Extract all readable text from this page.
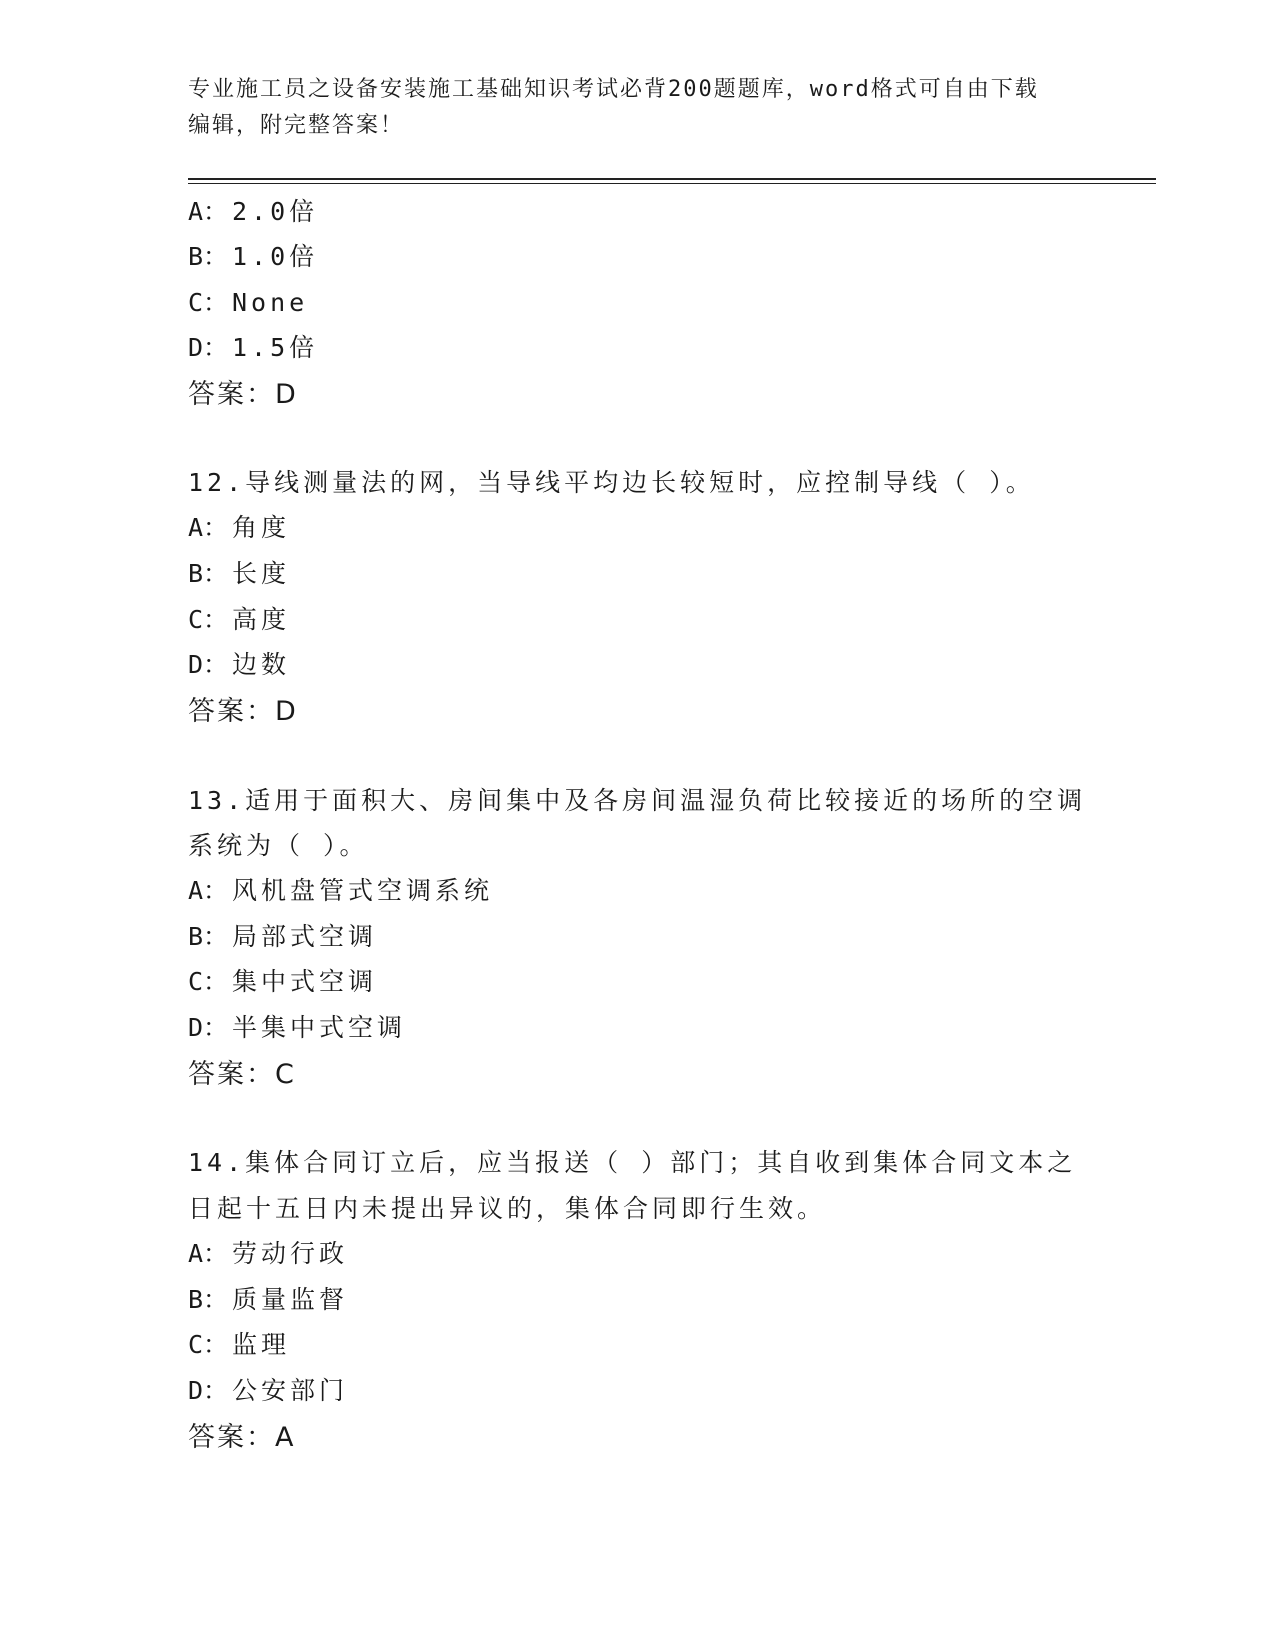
专业施工员之设备安装施工基础知识考试必背200题题库，word格式可自由下载
编辑，附完整答案！
A： 2.0倍
B： 1.0倍
C： None
D： 1.5倍
答案：D
12.导线测量法的网，当导线平均边长较短时，应控制导线（ ）。
A： 角度
B： 长度
C： 高度
D： 边数
答案：D
13.适用于面积大、房间集中及各房间温湿负荷比较接近的场所的空调
系统为（ ）。
A： 风机盘管式空调系统
B： 局部式空调
C： 集中式空调
D： 半集中式空调
答案：C
14.集体合同订立后，应当报送（ ）部门；其自收到集体合同文本之
日起十五日内未提出异议的，集体合同即行生效。
A： 劳动行政
B： 质量监督
C： 监理
D： 公安部门
答案：A
